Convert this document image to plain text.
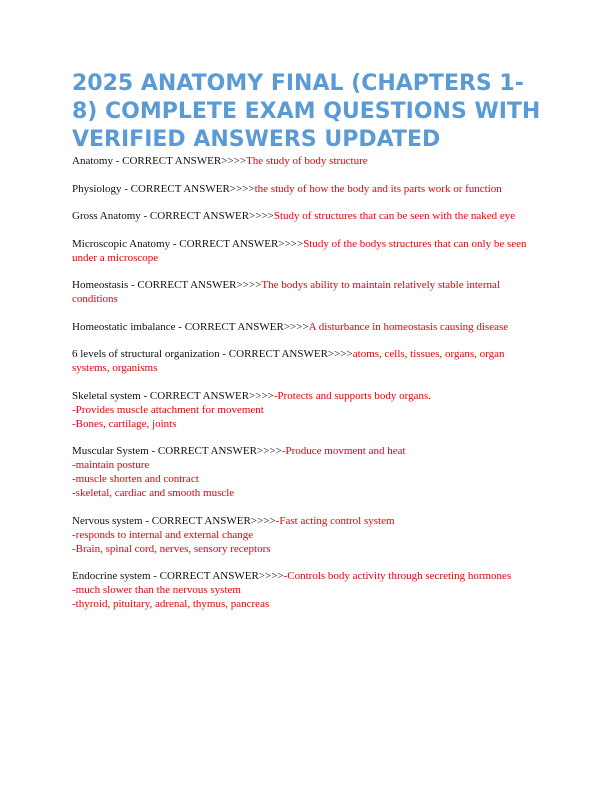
2025 ANATOMY FINAL (CHAPTERS 1-8) COMPLETE EXAM QUESTIONS WITH VERIFIED ANSWERS UPDATED
Anatomy - CORRECT ANSWER>>>>The study of body structure
Physiology - CORRECT ANSWER>>>>the study of how the body and its parts work or function
Gross Anatomy - CORRECT ANSWER>>>>Study of structures that can be seen with the naked eye
Microscopic Anatomy - CORRECT ANSWER>>>>Study of the bodys structures that can only be seen under a microscope
Homeostasis - CORRECT ANSWER>>>>The bodys ability to maintain relatively stable internal conditions
Homeostatic imbalance - CORRECT ANSWER>>>>A disturbance in homeostasis causing disease
6 levels of structural organization - CORRECT ANSWER>>>>atoms, cells, tissues, organs, organ systems, organisms
Skeletal system - CORRECT ANSWER>>>>-Protects and supports body organs.
-Provides muscle attachment for movement
-Bones, cartilage, joints
Muscular System - CORRECT ANSWER>>>>-Produce movment and heat
-maintain posture
-muscle shorten and contract
-skeletal, cardiac and smooth muscle
Nervous system - CORRECT ANSWER>>>>-Fast acting control system
-responds to internal and external change
-Brain, spinal cord, nerves, sensory receptors
Endocrine system - CORRECT ANSWER>>>>-Controls body activity through secreting hormones
-much slower than the nervous system
-thyroid, pituitary, adrenal, thymus, pancreas
